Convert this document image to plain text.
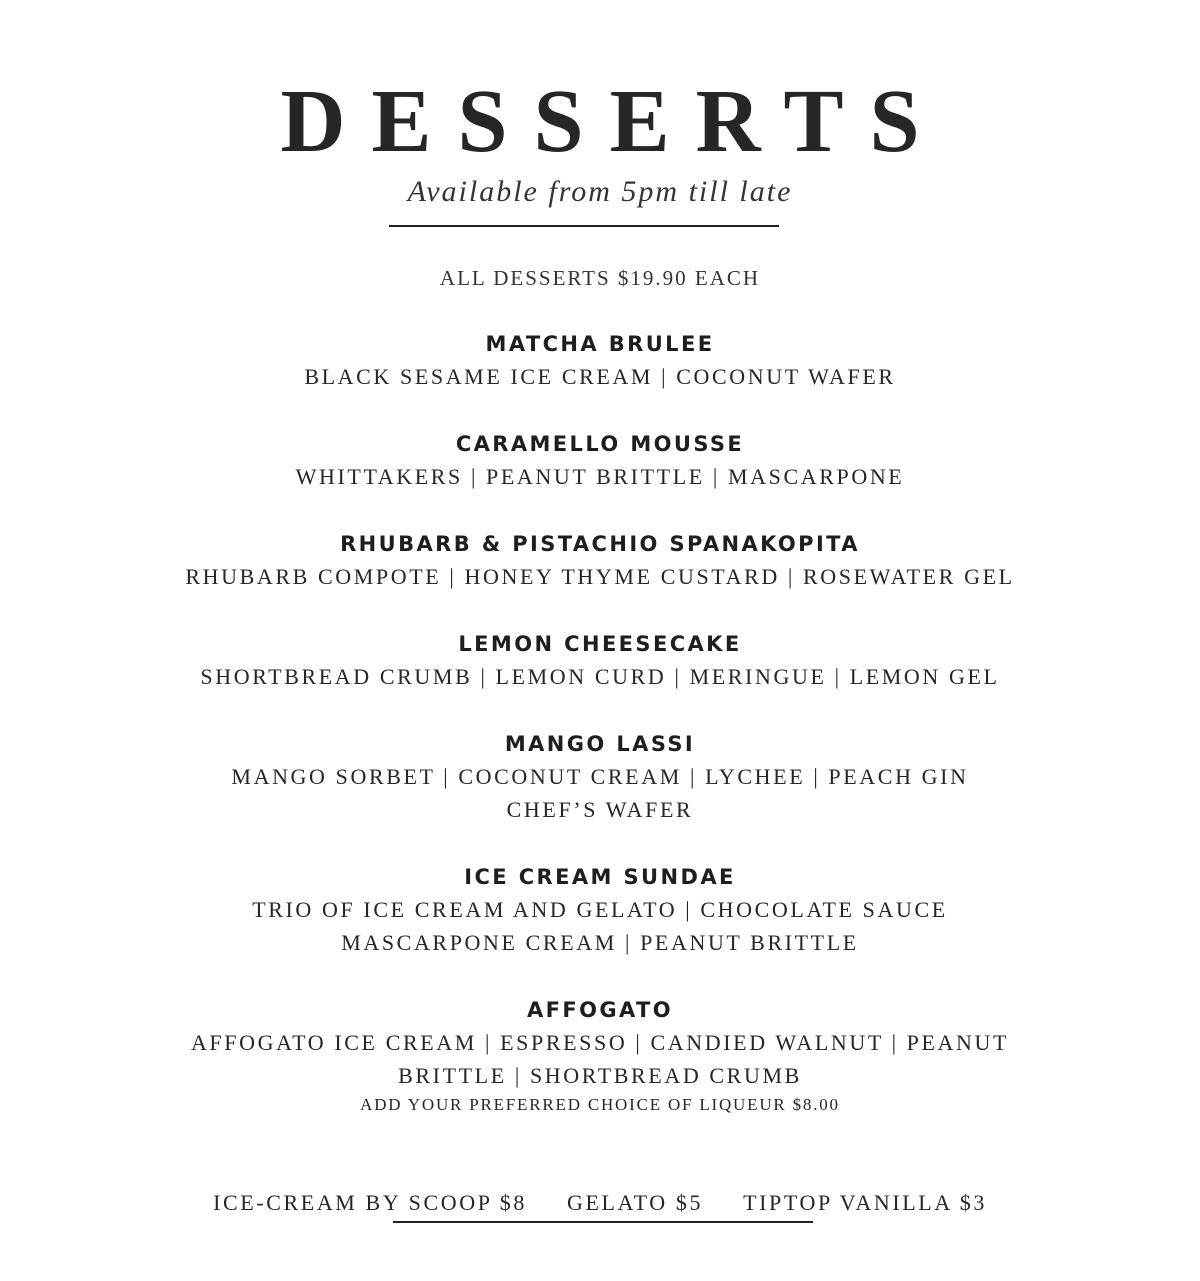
DESSERTS
Available from 5pm till late
ALL DESSERTS $19.90 EACH
MATCHA BRULEE
BLACK SESAME ICE CREAM | COCONUT WAFER
CARAMELLO MOUSSE
WHITTAKERS | PEANUT BRITTLE | MASCARPONE
RHUBARB & PISTACHIO SPANAKOPITA
RHUBARB COMPOTE | HONEY THYME CUSTARD | ROSEWATER GEL
LEMON CHEESECAKE
SHORTBREAD CRUMB | LEMON CURD | MERINGUE | LEMON GEL
MANGO LASSI
MANGO SORBET | COCONUT CREAM | LYCHEE | PEACH GIN
CHEF’S WAFER
ICE CREAM SUNDAE
TRIO OF ICE CREAM AND GELATO | CHOCOLATE SAUCE
MASCARPONE CREAM | PEANUT BRITTLE
AFFOGATO
AFFOGATO ICE CREAM | ESPRESSO | CANDIED WALNUT | PEANUT
BRITTLE | SHORTBREAD CRUMB
ADD YOUR PREFERRED CHOICE OF LIQUEUR $8.00
ICE-CREAM BY SCOOP $8 GELATO $5 TIPTOP VANILLA $3
